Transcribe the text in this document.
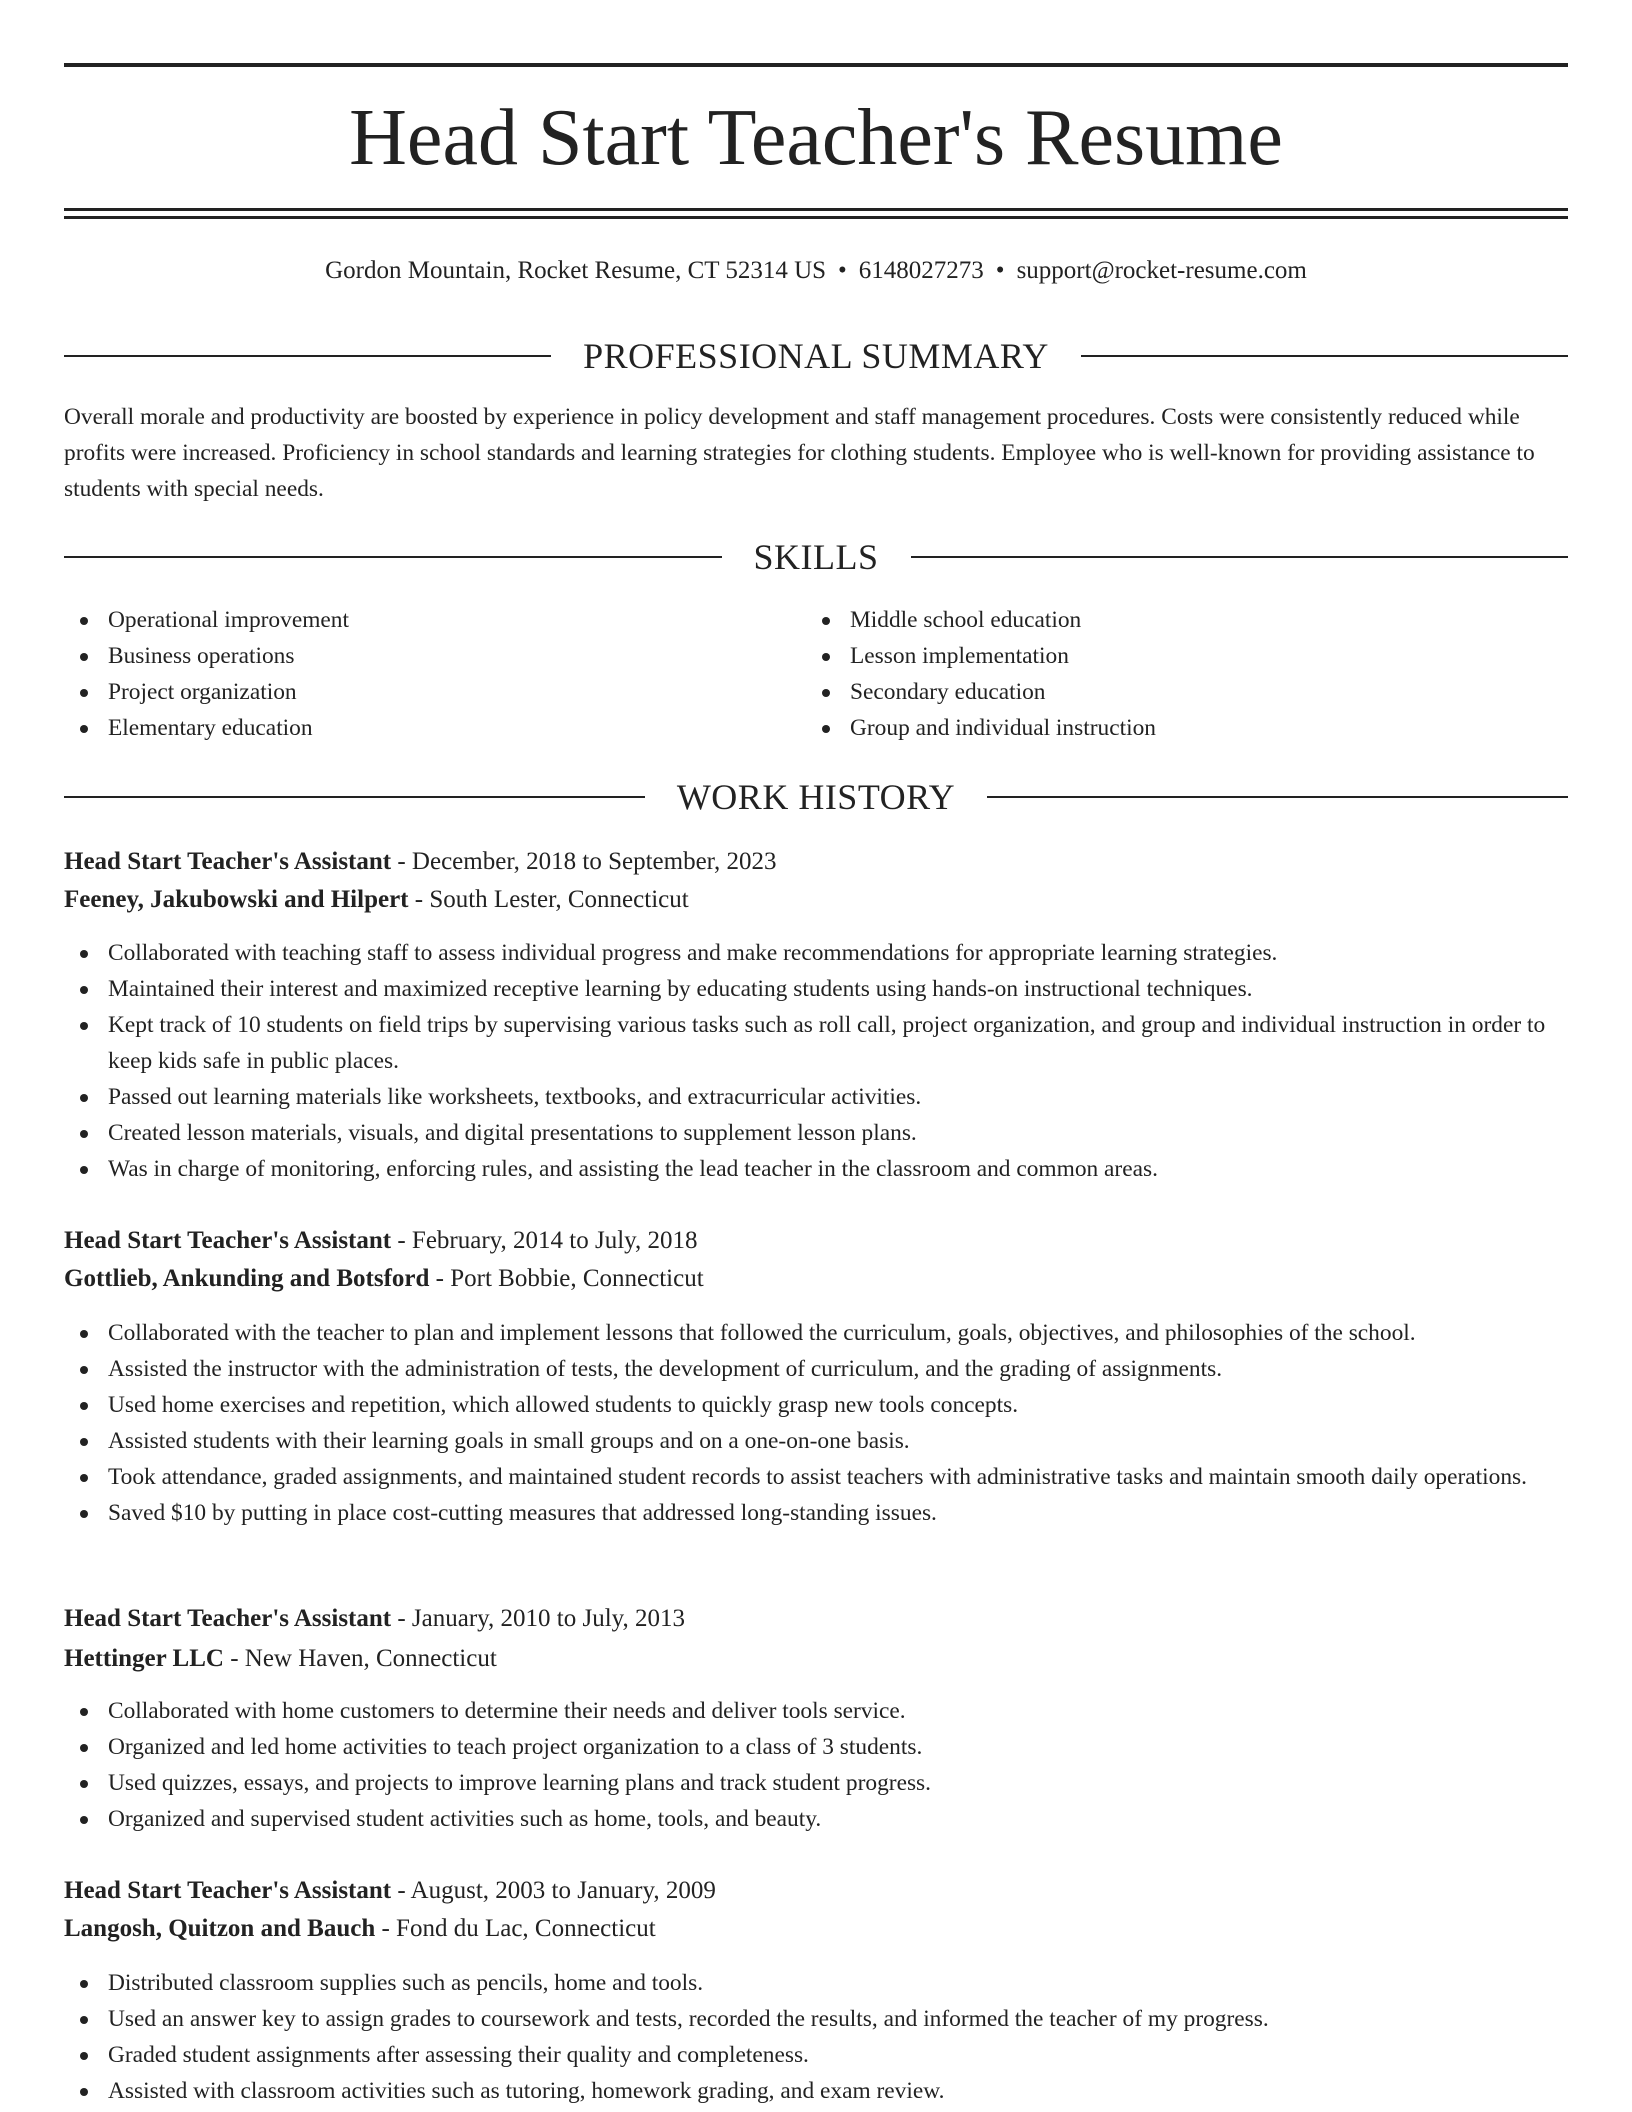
Head Start Teacher's Resume
Gordon Mountain, Rocket Resume, CT 52314 US • 6148027273 • support@rocket-resume.com
PROFESSIONAL SUMMARY

Overall morale and productivity are boosted by experience in policy development and staff management procedures. Costs were consistently reduced while profits were increased. Proficiency in school standards and learning strategies for clothing students. Employee who is well-known for providing assistance to students with special needs.

SKILLS
Operational improvement
Business operations
Project organization
Elementary education
Middle school education
Lesson implementation
Secondary education
Group and individual instruction
WORK HISTORY
Head Start Teacher's Assistant - December, 2018 to September, 2023
Feeney, Jakubowski and Hilpert - South Lester, Connecticut
Collaborated with teaching staff to assess individual progress and make recommendations for appropriate learning strategies.
Maintained their interest and maximized receptive learning by educating students using hands-on instructional techniques.
Kept track of 10 students on field trips by supervising various tasks such as roll call, project organization, and group and individual instruction in order to keep kids safe in public places.
Passed out learning materials like worksheets, textbooks, and extracurricular activities.
Created lesson materials, visuals, and digital presentations to supplement lesson plans.
Was in charge of monitoring, enforcing rules, and assisting the lead teacher in the classroom and common areas.
Head Start Teacher's Assistant - February, 2014 to July, 2018
Gottlieb, Ankunding and Botsford - Port Bobbie, Connecticut
Collaborated with the teacher to plan and implement lessons that followed the curriculum, goals, objectives, and philosophies of the school.
Assisted the instructor with the administration of tests, the development of curriculum, and the grading of assignments.
Used home exercises and repetition, which allowed students to quickly grasp new tools concepts.
Assisted students with their learning goals in small groups and on a one-on-one basis.
Took attendance, graded assignments, and maintained student records to assist teachers with administrative tasks and maintain smooth daily operations.
Saved $10 by putting in place cost-cutting measures that addressed long-standing issues.
Head Start Teacher's Assistant - January, 2010 to July, 2013
Hettinger LLC - New Haven, Connecticut
Collaborated with home customers to determine their needs and deliver tools service.
Organized and led home activities to teach project organization to a class of 3 students.
Used quizzes, essays, and projects to improve learning plans and track student progress.
Organized and supervised student activities such as home, tools, and beauty.
Head Start Teacher's Assistant - August, 2003 to January, 2009
Langosh, Quitzon and Bauch - Fond du Lac, Connecticut
Distributed classroom supplies such as pencils, home and tools.
Used an answer key to assign grades to coursework and tests, recorded the results, and informed the teacher of my progress.
Graded student assignments after assessing their quality and completeness.
Assisted with classroom activities such as tutoring, homework grading, and exam review.
